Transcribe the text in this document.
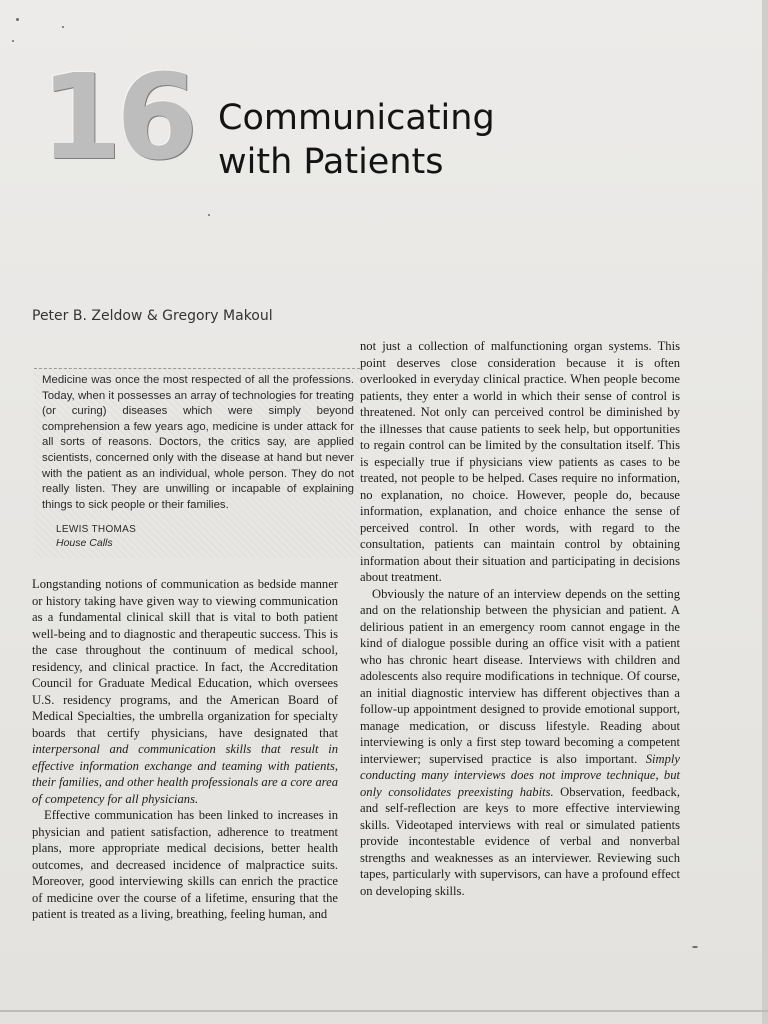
16 Communicating
with Patients
Peter B. Zeldow & Gregory Makoul

Medicine was once the most respected of all the professions. Today, when it possesses an array of technologies for treating (or curing) diseases which were simply beyond comprehension a few years ago, medicine is under attack for all sorts of reasons. Doctors, the critics say, are applied scientists, concerned only with the disease at hand but never with the patient as an individual, whole person. They do not really listen. They are unwilling or incapable of explaining things to sick people or their families.

LEWIS THOMAS
House Calls

Longstanding notions of communication as bedside manner or history taking have given way to viewing communication as a fundamental clinical skill that is vital to both patient well-being and to diagnostic and therapeutic success. This is the case throughout the continuum of medical school, residency, and clinical practice. In fact, the Accreditation Council for Graduate Medical Education, which oversees U.S. residency programs, and the American Board of Medical Specialties, the umbrella organization for specialty boards that certify physicians, have designated that interpersonal and communication skills that result in effective information exchange and teaming with patients, their families, and other health professionals are a core area of competency for all physicians.

Effective communication has been linked to increases in physician and patient satisfaction, adherence to treatment plans, more appropriate medical decisions, better health outcomes, and decreased incidence of malpractice suits. Moreover, good interviewing skills can enrich the practice of medicine over the course of a lifetime, ensuring that the patient is treated as a living, breathing, feeling human, and

not just a collection of malfunctioning organ systems. This point deserves close consideration because it is often overlooked in everyday clinical practice. When people become patients, they enter a world in which their sense of control is threatened. Not only can perceived control be diminished by the illnesses that cause patients to seek help, but opportunities to regain control can be limited by the consultation itself. This is especially true if physicians view patients as cases to be treated, not people to be helped. Cases require no information, no explanation, no choice. However, people do, because information, explanation, and choice enhance the sense of perceived control. In other words, with regard to the consultation, patients can maintain control by obtaining information about their situation and participating in decisions about treatment.

Obviously the nature of an interview depends on the setting and on the relationship between the physician and patient. A delirious patient in an emergency room cannot engage in the kind of dialogue possible during an office visit with a patient who has chronic heart disease. Interviews with children and adolescents also require modifications in technique. Of course, an initial diagnostic interview has different objectives than a follow-up appointment designed to provide emotional support, manage medication, or discuss lifestyle. Reading about interviewing is only a first step toward becoming a competent interviewer; supervised practice is also important. Simply conducting many interviews does not improve technique, but only consolidates preexisting habits. Observation, feedback, and self-reflection are keys to more effective interviewing skills. Videotaped interviews with real or simulated patients provide incontestable evidence of verbal and nonverbal strengths and weaknesses as an interviewer. Reviewing such tapes, particularly with supervisors, can have a profound effect on developing skills.
